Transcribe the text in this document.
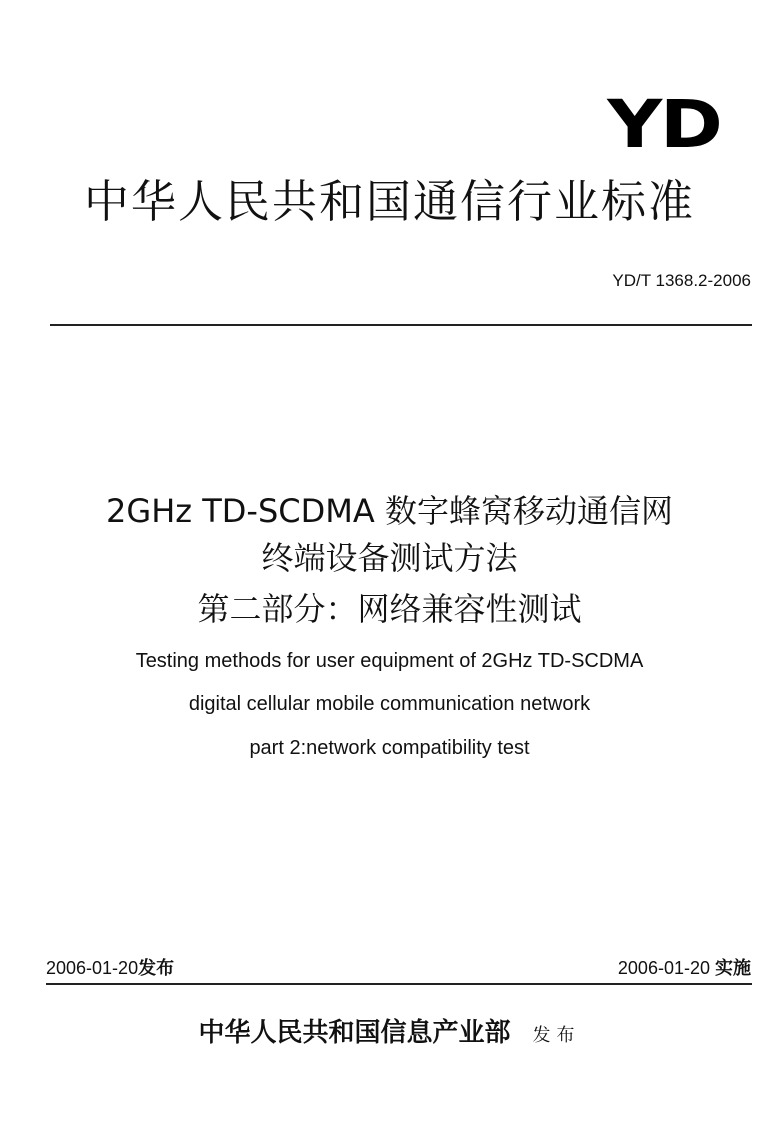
YD
中华人民共和国通信行业标准
YD/T 1368.2-2006
2GHz TD-SCDMA 数字蜂窝移动通信网
终端设备测试方法
第二部分：网络兼容性测试
Testing methods for user equipment of 2GHz TD-SCDMA
digital cellular mobile communication network
part 2:network compatibility test
2006-01-20发布	2006-01-20 实施
中华人民共和国信息产业部 发布
